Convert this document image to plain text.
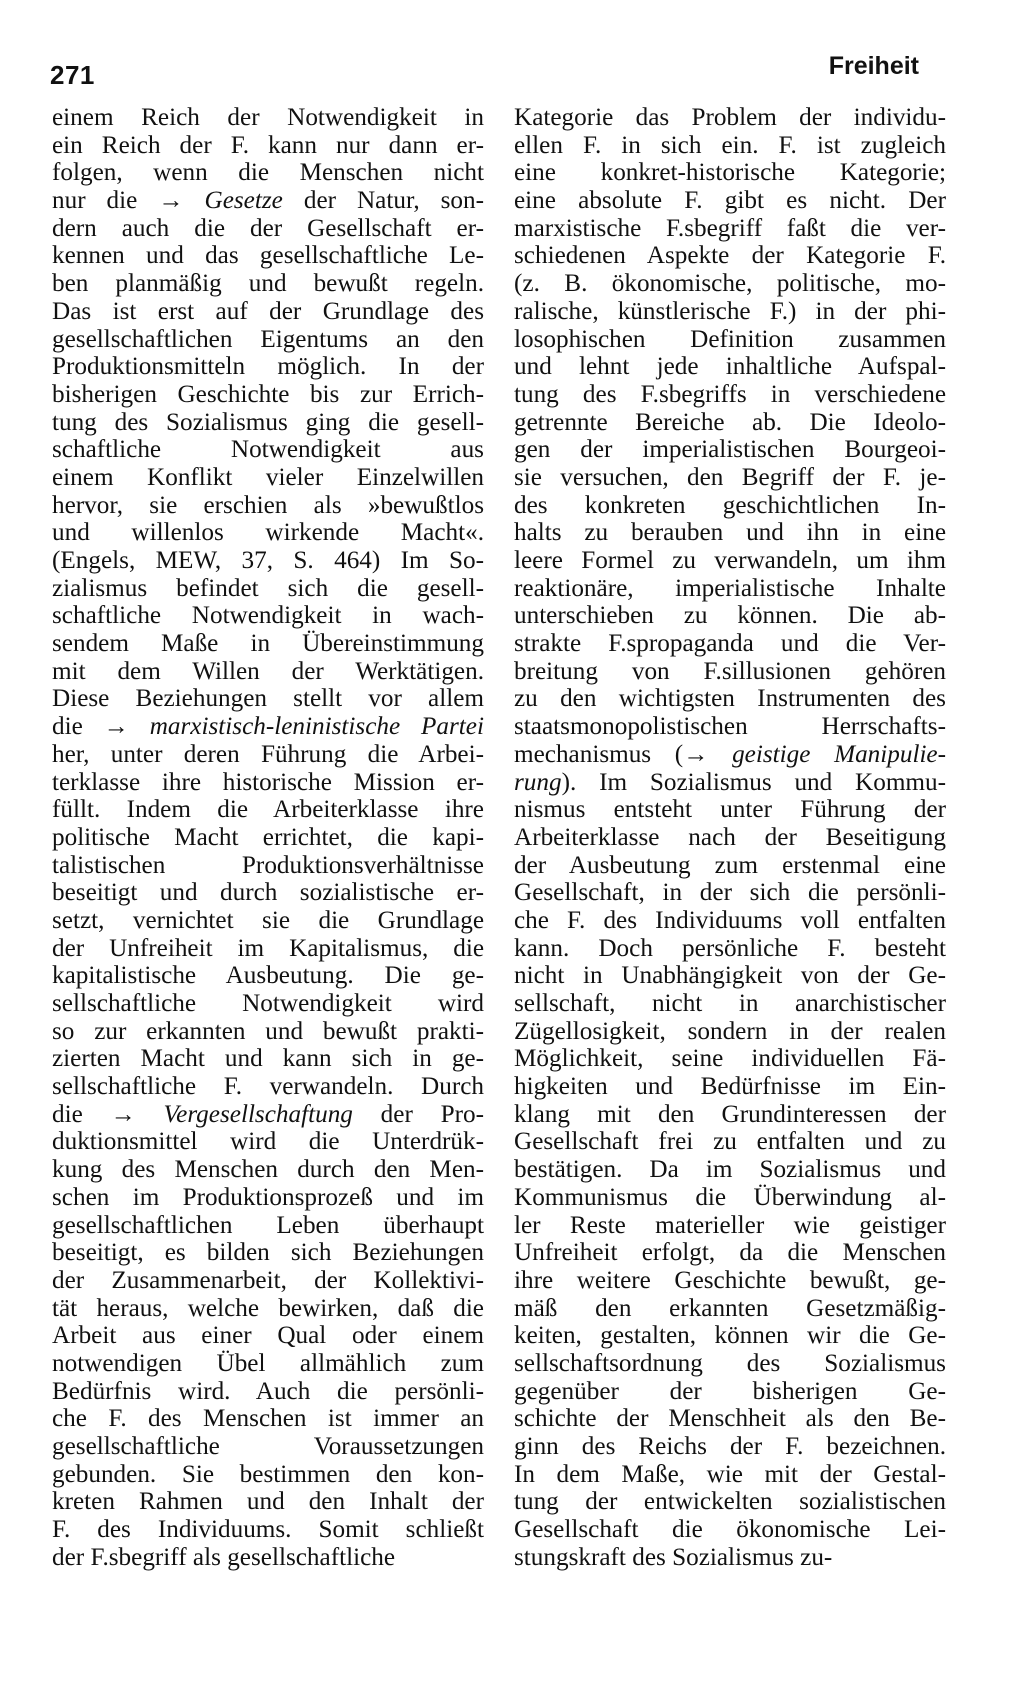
271	Freiheit
einem Reich der Notwendigkeit in
ein Reich der F. kann nur dann er-
folgen, wenn die Menschen nicht
nur die → Gesetze der Natur, son-
dern auch die der Gesellschaft er-
kennen und das gesellschaftliche Le-
ben planmäßig und bewußt regeln.
Das ist erst auf der Grundlage des
gesellschaftlichen Eigentums an den
Produktionsmitteln möglich. In der
bisherigen Geschichte bis zur Errich-
tung des Sozialismus ging die gesell-
schaftliche Notwendigkeit aus
einem Konflikt vieler Einzelwillen
hervor, sie erschien als »bewußtlos
und willenlos wirkende Macht«.
(Engels, MEW, 37, S. 464) Im So-
zialismus befindet sich die gesell-
schaftliche Notwendigkeit in wach-
sendem Maße in Übereinstimmung
mit dem Willen der Werktätigen.
Diese Beziehungen stellt vor allem
die → marxistisch-leninistische Partei
her, unter deren Führung die Arbei-
terklasse ihre historische Mission er-
füllt. Indem die Arbeiterklasse ihre
politische Macht errichtet, die kapi-
talistischen Produktionsverhältnisse
beseitigt und durch sozialistische er-
setzt, vernichtet sie die Grundlage
der Unfreiheit im Kapitalismus, die
kapitalistische Ausbeutung. Die ge-
sellschaftliche Notwendigkeit wird
so zur erkannten und bewußt prakti-
zierten Macht und kann sich in ge-
sellschaftliche F. verwandeln. Durch
die → Vergesellschaftung der Pro-
duktionsmittel wird die Unterdrük-
kung des Menschen durch den Men-
schen im Produktionsprozeß und im
gesellschaftlichen Leben überhaupt
beseitigt, es bilden sich Beziehungen
der Zusammenarbeit, der Kollektivi-
tät heraus, welche bewirken, daß die
Arbeit aus einer Qual oder einem
notwendigen Übel allmählich zum
Bedürfnis wird. Auch die persönli-
che F. des Menschen ist immer an
gesellschaftliche Voraussetzungen
gebunden. Sie bestimmen den kon-
kreten Rahmen und den Inhalt der
F. des Individuums. Somit schließt
der F.sbegriff als gesellschaftliche
Kategorie das Problem der individu-
ellen F. in sich ein. F. ist zugleich
eine konkret-historische Kategorie;
eine absolute F. gibt es nicht. Der
marxistische F.sbegriff faßt die ver-
schiedenen Aspekte der Kategorie F.
(z. B. ökonomische, politische, mo-
ralische, künstlerische F.) in der phi-
losophischen Definition zusammen
und lehnt jede inhaltliche Aufspal-
tung des F.sbegriffs in verschiedene
getrennte Bereiche ab. Die Ideolo-
gen der imperialistischen Bourgeoi-
sie versuchen, den Begriff der F. je-
des konkreten geschichtlichen In-
halts zu berauben und ihn in eine
leere Formel zu verwandeln, um ihm
reaktionäre, imperialistische Inhalte
unterschieben zu können. Die ab-
strakte F.spropaganda und die Ver-
breitung von F.sillusionen gehören
zu den wichtigsten Instrumenten des
staatsmonopolistischen Herrschafts-
mechanismus (→ geistige Manipulie-
rung). Im Sozialismus und Kommu-
nismus entsteht unter Führung der
Arbeiterklasse nach der Beseitigung
der Ausbeutung zum erstenmal eine
Gesellschaft, in der sich die persönli-
che F. des Individuums voll entfalten
kann. Doch persönliche F. besteht
nicht in Unabhängigkeit von der Ge-
sellschaft, nicht in anarchistischer
Zügellosigkeit, sondern in der realen
Möglichkeit, seine individuellen Fä-
higkeiten und Bedürfnisse im Ein-
klang mit den Grundinteressen der
Gesellschaft frei zu entfalten und zu
bestätigen. Da im Sozialismus und
Kommunismus die Überwindung al-
ler Reste materieller wie geistiger
Unfreiheit erfolgt, da die Menschen
ihre weitere Geschichte bewußt, ge-
mäß den erkannten Gesetzmäßig-
keiten, gestalten, können wir die Ge-
sellschaftsordnung des Sozialismus
gegenüber der bisherigen Ge-
schichte der Menschheit als den Be-
ginn des Reichs der F. bezeichnen.
In dem Maße, wie mit der Gestal-
tung der entwickelten sozialistischen
Gesellschaft die ökonomische Lei-
stungskraft des Sozialismus zu-
